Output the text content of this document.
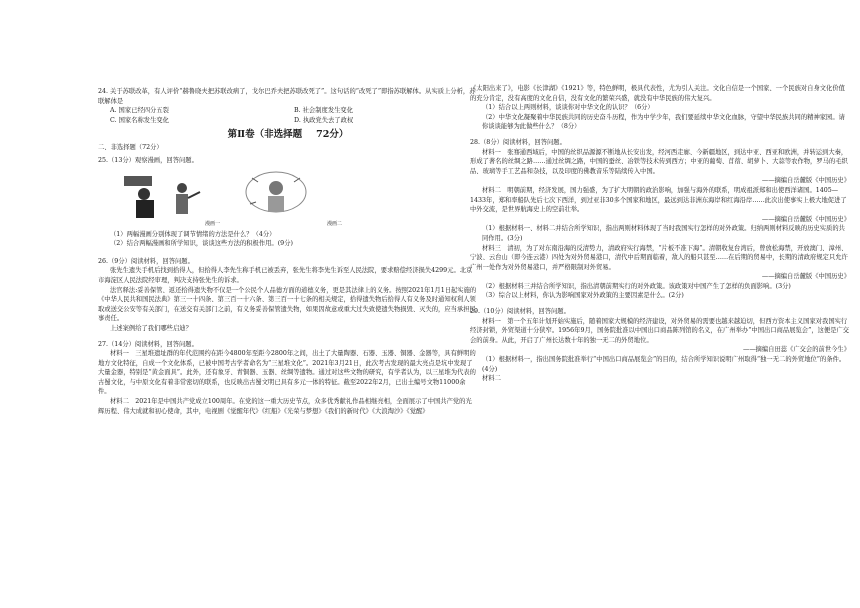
24. 关于苏联改革，有人评价“赫鲁晓夫把苏联改病了，戈尔巴乔夫把苏联改死了”。这句话的“改死了”即指苏联解体。从实质上分析，苏联解体是

A. 国家已经四分五裂	B. 社会制度发生变化
C. 国家名称发生变化	D. 执政党失去了政权
第Ⅱ卷（非选择题 72分）

二、非选择题（72分）

25.（13分）观察漫画，回答问题。

漫画一	漫画二

（1）两幅漫画分别体现了调节情绪的方法是什么？（4分）

（2）结合两幅漫画和所学知识，谈谈这些方法的积极作用。(9分)

26.（9分）阅读材料，回答问题。

张先生遗失手机后找到拾得人，但拾得人李先生称手机已被丢弃，张先生将李先生诉至人民法院，要求赔偿经济损失4299元。北京市海淀区人民法院经审理，判决支持张先生的诉求。

法官释法:妥善保管、返还拾得遗失物不仅是一个公民个人品德方面的道德义务，更是其法律上的义务。按照2021年1月1日起实施的《中华人民共和国民法典》第三一十四条、第三百一十六条、第三百一十七条的相关规定，拾得遗失物后拾得人有义务及时通知权利人领取或送交公安等有关部门，在送交有关部门之前，有义务妥善保管遗失物，如果因故意或重大过失致使遗失物损毁、灭失的，应当承担民事责任。

上述案例给了我们哪些启迪？

27.（14分）阅读材料，回答问题。

材料一　三星堆遗址群的年代范围约在距今4800年至距今2800年之间，出土了大量陶器、石器、玉器、铜器、金器等，具有鲜明的地方文化特征，自成一个文化体系，已被中国考古学者命名为“三星堆文化”。2021年3月21日，此次考古发现的最大亮点是坑中发现了大量金器，特别是“黄金面具”。此外，还有象牙、青铜器、玉器、丝绸等遗物。通过对这些文物的研究，有学者认为，以三星堆为代表的古蜀文化，与中原文化有着非常密切的联系，也反映出古蜀文明已具有多元一体的特征。截至2022年2月，已出土编号文物11000余件。

材料二　2021年是中国共产党成立100周年。在党的这一重大历史节点，众多优秀献礼作品相继亮相，全面展示了中国共产党的光辉历程、伟大成就和初心使命，其中，电视剧《觉醒年代》《红船》《光荣与梦想》《我们的新时代》《大浪淘沙》《觉醒》

《太阳出来了》，电影《长津湖》《1921》等，特色鲜明，极具代表性，尤为引人关注。文化自信是一个国家、一个民族对自身文化价值的充分肯定，没有高度的文化自信，没有文化的繁荣兴盛，就没有中华民族的伟大复兴。

（1）结合以上两则材料，谈谈你对中华文化的认识？（6分）

（2）中华文化凝聚着中华民族共同的历史奋斗历程，作为中学少年，我们要延续中华文化血脉，守望中华民族共同的精神家园。请你谈谈能够为此做些什么？（8分）

28.（8分）阅读材料，回答问题。

材料一　张骞通西域后，中国的丝织品源源不断地从长安出发，经河西走廊、今新疆地区，到达中亚、西亚和欧洲，并转运到大秦，形成了著名的丝绸之路……通过丝绸之路，中国的蚕丝、冶铁等技术传到西方；中亚的葡萄、苜蓿、胡萝卜、大蒜等农作物，罗马的毛织品、玻璃等手工艺品和杂技，以及印度的佛教音乐等陆续传入中国。

——摘编自岳麓版《中国历史》

材料二　明朝前期，经济发展，国力强盛，为了扩大明朝的政治影响，加强与海外的联系，明成祖派郑和出使西洋诸国。1405—1433年，郑和率船队先后七次下西洋，到过亚非30多个国家和地区，最远到达非洲东海岸和红海沿岸……此次出使事实上极大地促进了中外交流，是世界航海史上的空前壮举。

——摘编自岳麓版《中国历史》

（1）根据材料一、材料二并结合所学知识，指出两则材料体现了当时我国实行怎样的对外政策。归纳两则材料反映的历史实质的共同作用。(3分)

材料三　清初，为了对东南沿海的反清势力，清政府实行海禁，“片板不准下海”。清朝收复台湾后，曾放松海禁，开放澳门、漳州、宁波、云台山（即今连云港）四处为对外贸易港口，清代中后期面临着，敌人的船只甚至……在后期的贸易中，长期的清政府规定只允许广州一处作为对外贸易港口，并严格限制对外贸易。

——摘编自岳麓版《中国历史》

（2）根据材料三并结合所学知识，指出清朝前期实行的对外政策。该政策对中国产生了怎样的负面影响。(3分)

（3）综合以上材料，你认为影响国家对外政策的主要因素是什么。(2分)

29.（10分）阅读材料，回答问题。

材料一　第一个五年计划开始实施后，随着国家大规模的经济建设，对外贸易的需要也越来越迫切，但西方资本主义国家对我国实行经济封锁，外贸渠道十分狭窄。1956年9月，国务院批准以中国出口商品陈列馆的名义，在广州举办“中国出口商品展览会”，这便是广交会的前身。从此，开启了广州长达数十年的独一无二的外贸地位。

——摘编自田蕊《广交会的前世今生》

（1）根据材料一，指出国务院批准举行“中国出口商品展览会”的目的，结合所学知识说明广州取得“独一无二的外贸地位”的条件。(4分)

材料二
